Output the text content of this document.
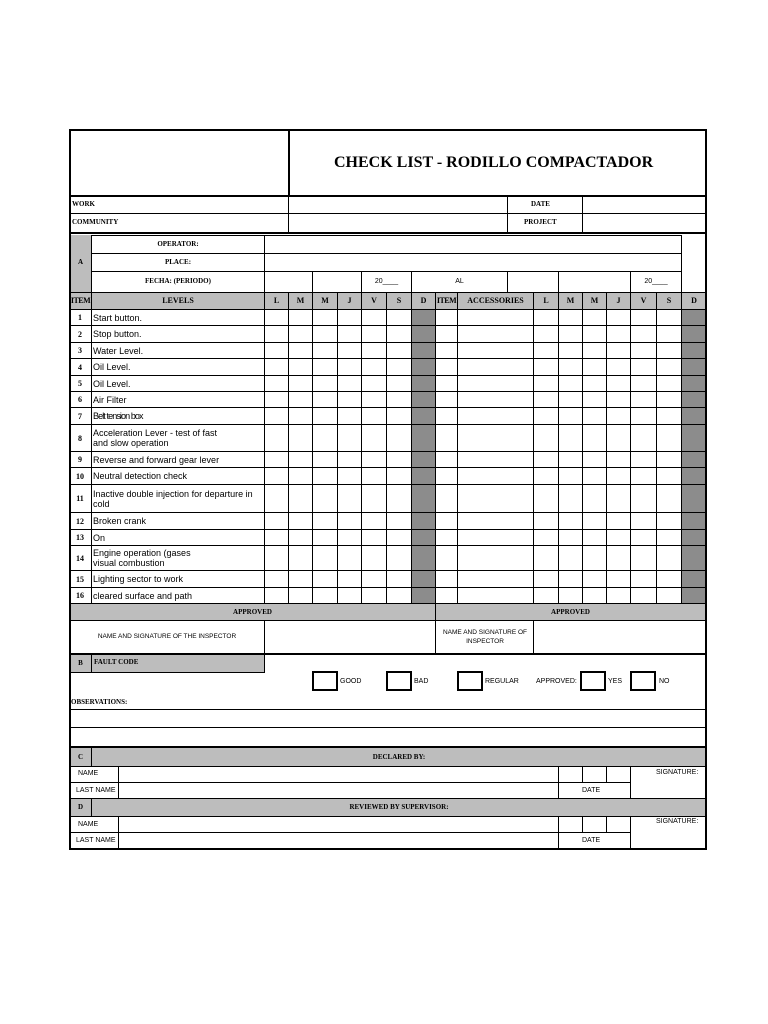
CHECK LIST - RODILLO COMPACTADOR
WORK	DATE
COMMUNITY	PROJECT
A
OPERATOR:
PLACE:
FECHA: (PERIODO)	20____	AL	20____
ITEM	LEVELS	L	M	M	J	V	S	D	ITEM	ACCESSORIES	L	M	M	J	V	S	D
1	Start button.
2	Stop button.
3	Water Level.
4	Oil Level.
5	Oil Level.
6	Air Filter
7	Belt tension box
8	Acceleration Lever - test of fast and slow operation
9	Reverse and forward gear lever
10	Neutral detection check
11	Inactive double injection for departure in cold
12	Broken crank
13	On
14	Engine operation (gases visual combustion
15	Lighting sector to work
16	cleared surface and path
APPROVED	APPROVED
NAME AND SIGNATURE OF THE INSPECTOR
NAME AND SIGNATURE OF INSPECTOR
B	FAULT CODE
GOOD	BAD	REGULAR APPROVED:	YES	NO
OBSERVATIONS:
C	DECLARED BY:
NAME
LAST NAME	DATE
SIGNATURE:
D	REVIEWED BY SUPERVISOR:
NAME
LAST NAME	DATE
SIGNATURE:
